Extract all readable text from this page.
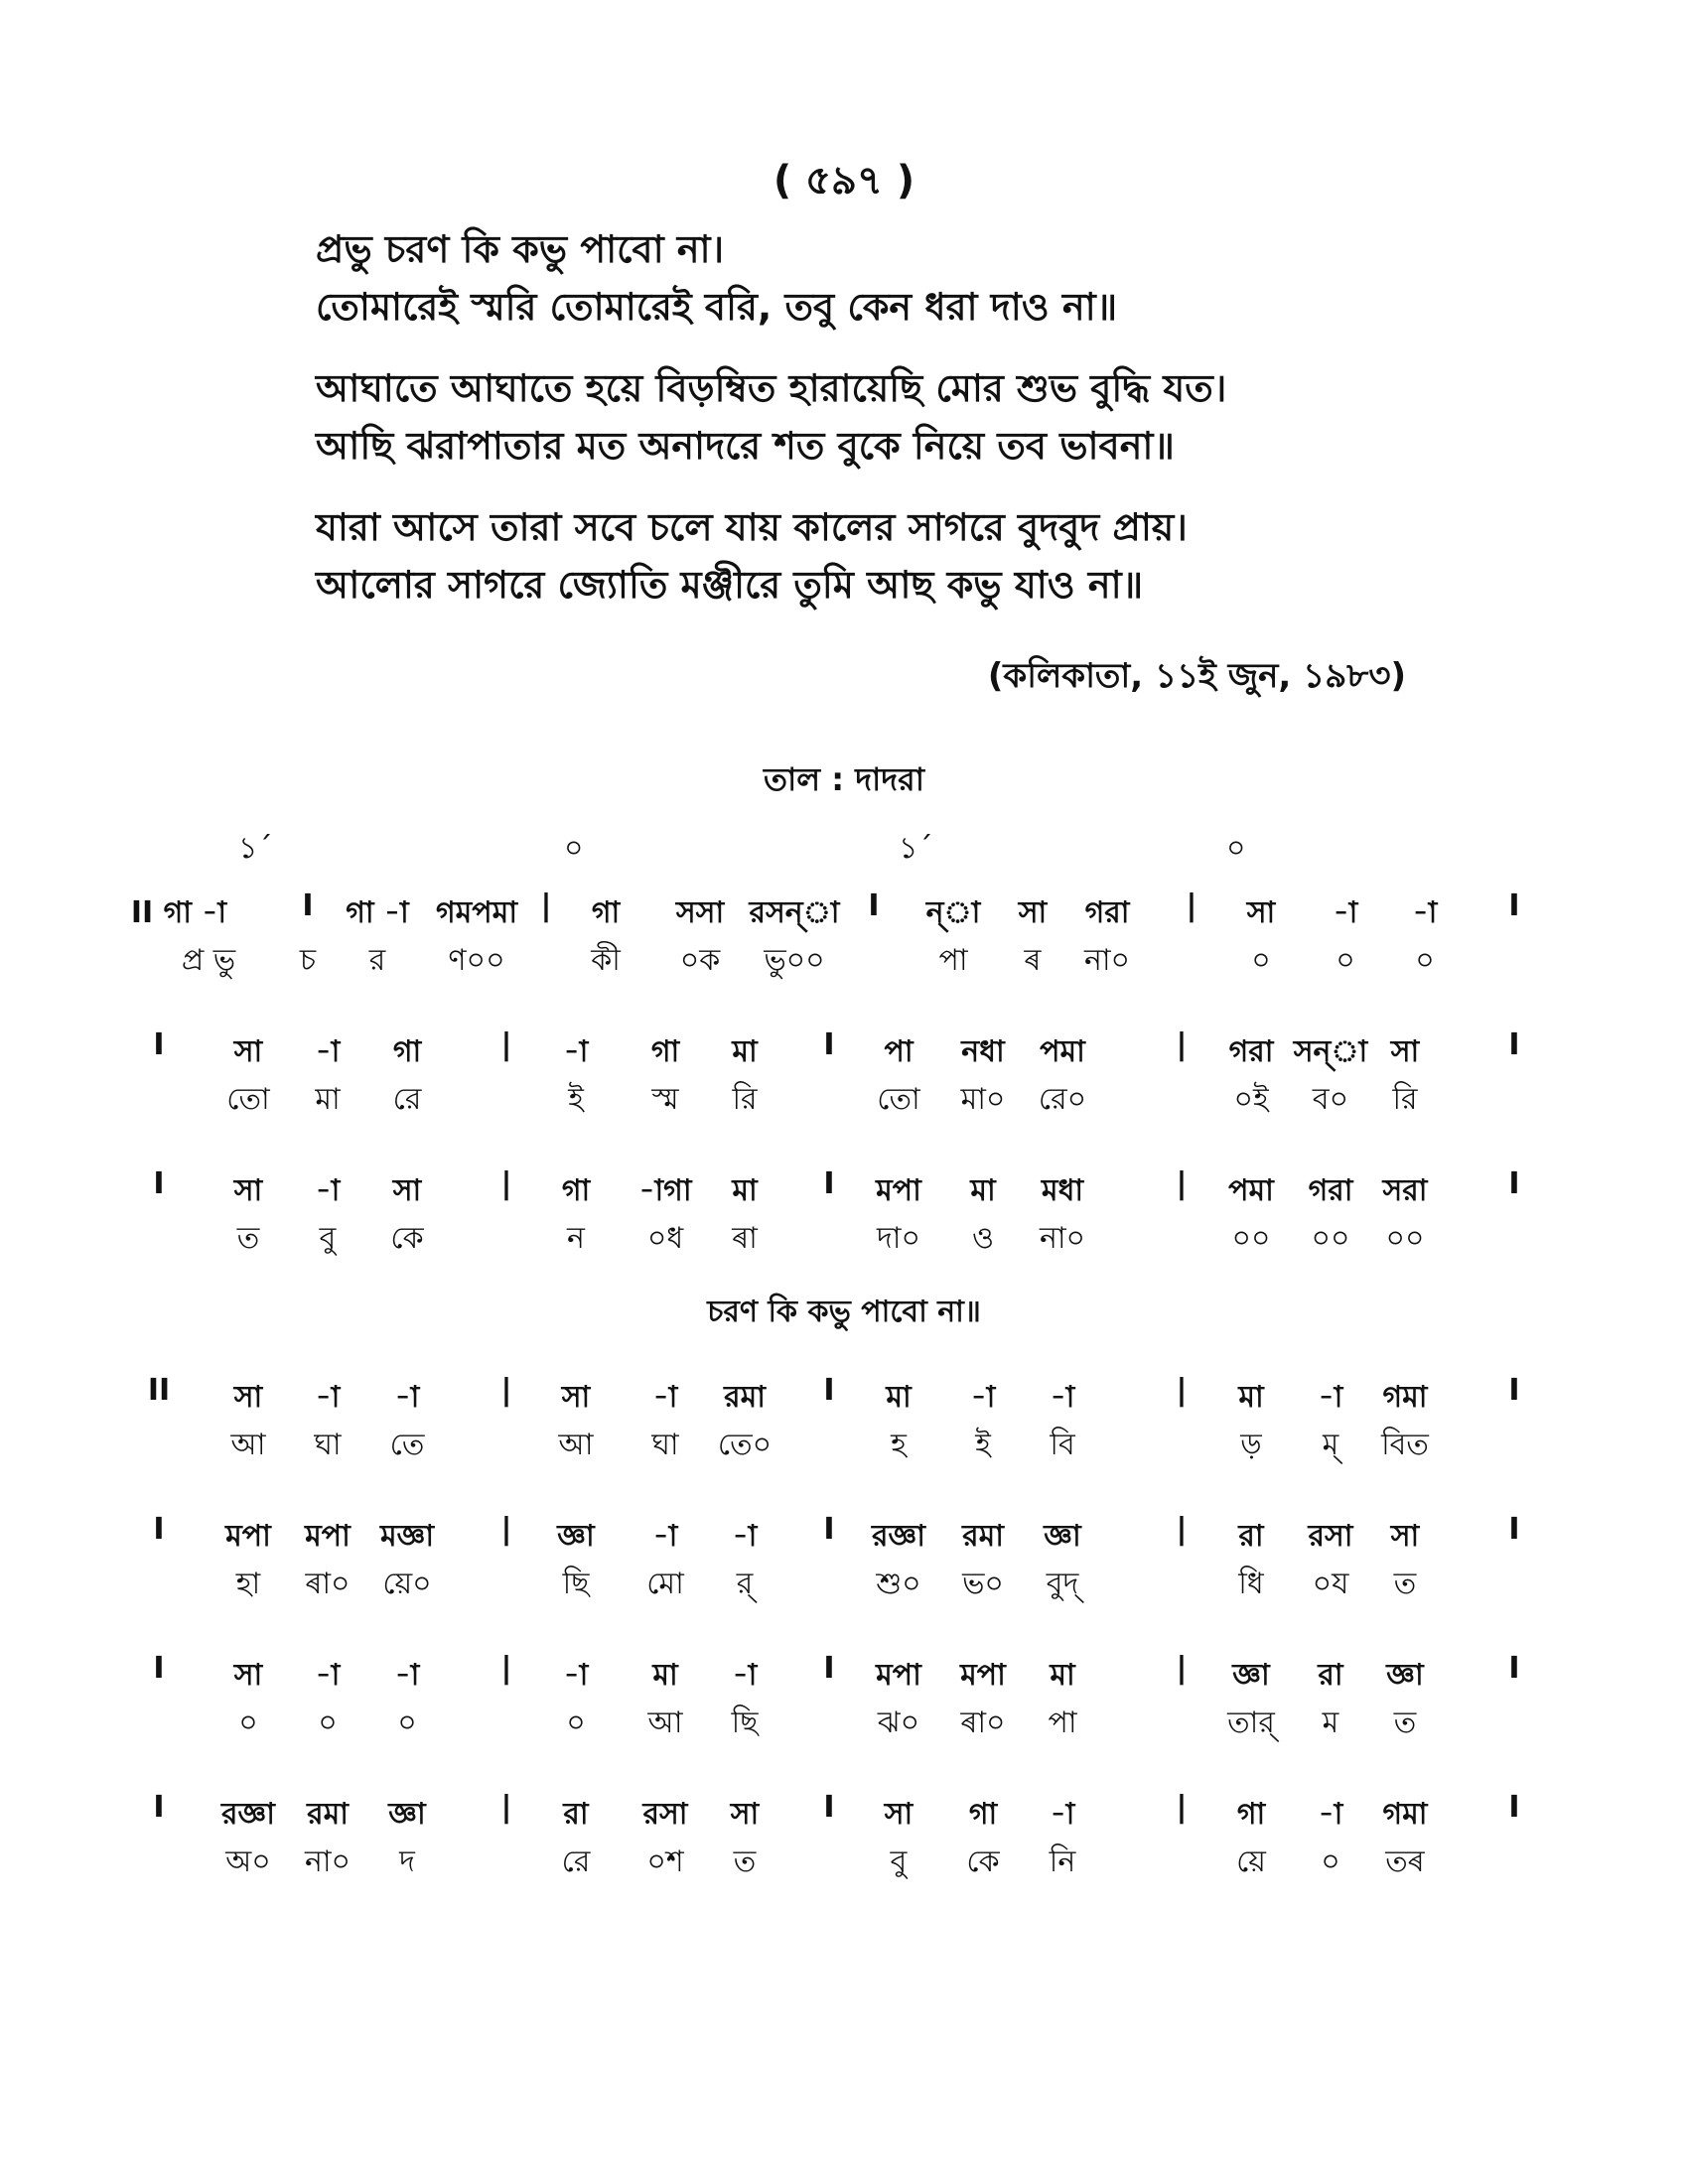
( ৫৯৭ )
প্রভু চরণ কি কভু পাবো না।
তোমারেই স্মরি তোমারেই বরি, তবু কেন ধরা দাও না॥
আঘাতে আঘাতে হয়ে বিড়ম্বিত হারায়েছি মোর শুভ বুদ্ধি যত।
আছি ঝরাপাতার মত অনাদরে শত বুকে নিয়ে তব ভাবনা॥
যারা আসে তারা সবে চলে যায় কালের সাগরে বুদবুদ প্রায়।
আলোর সাগরে জ্যোতি মঞ্জীরে তুমি আছ কভু যাও না॥
(কলিকাতা, ১১ই জুন, ১৯৮৩)
তাল : দাদরা
১´	০	১´	০
II গা -া	I গা -া গমপমা | গা সসা রসন্া I ন্া সা গরা | সা -া -া I
প্র ভু চ র ণ০০	কী ০ক ভু০০	পা ৰ না০	০ ০ ০
I সা -া গা	| -া গা মা I পা নধা পমা	| গরা সন্া সা	I
তো মা রে	ই স্ম রি	তো মা০ রে০	০ই ব০ রি
I সা -া সা	| গা -াগা মা I মপা মা মধা	| পমা গরা সরা	I
ত বু কে	ন ০ধ ৰা	দা০ ও না০	০০ ০০ ০০
চরণ কি কভু পাবো না॥
II সা -া -া	| সা -া রমা I মা -া -া	| মা -া গমা	I
আ ঘা তে	আ ঘা তে০	হ ই বি	ড় ম্ বিত
I মপা মপা মজ্ঞা | জ্ঞা -া -া I রজ্ঞা রমা জ্ঞা	| রা রসা সা	I
হা ৰা০ য়ে০	ছি মো র্	শু০ ভ০ বুদ্	ধি ০য ত
I সা -া -া	| -া মা -া I মপা মপা মা	| জ্ঞা রা জ্ঞা	I
০ ০ ০	০ আ ছি	ঝ০ ৰা০ পা	তার্ ম ত
I রজ্ঞা রমা জ্ঞা	| রা রসা সা I সা গা -া	| গা -া গমা	I
অ০ না০ দ	রে ০শ ত	বু কে নি	য়ে ০ তৰ
